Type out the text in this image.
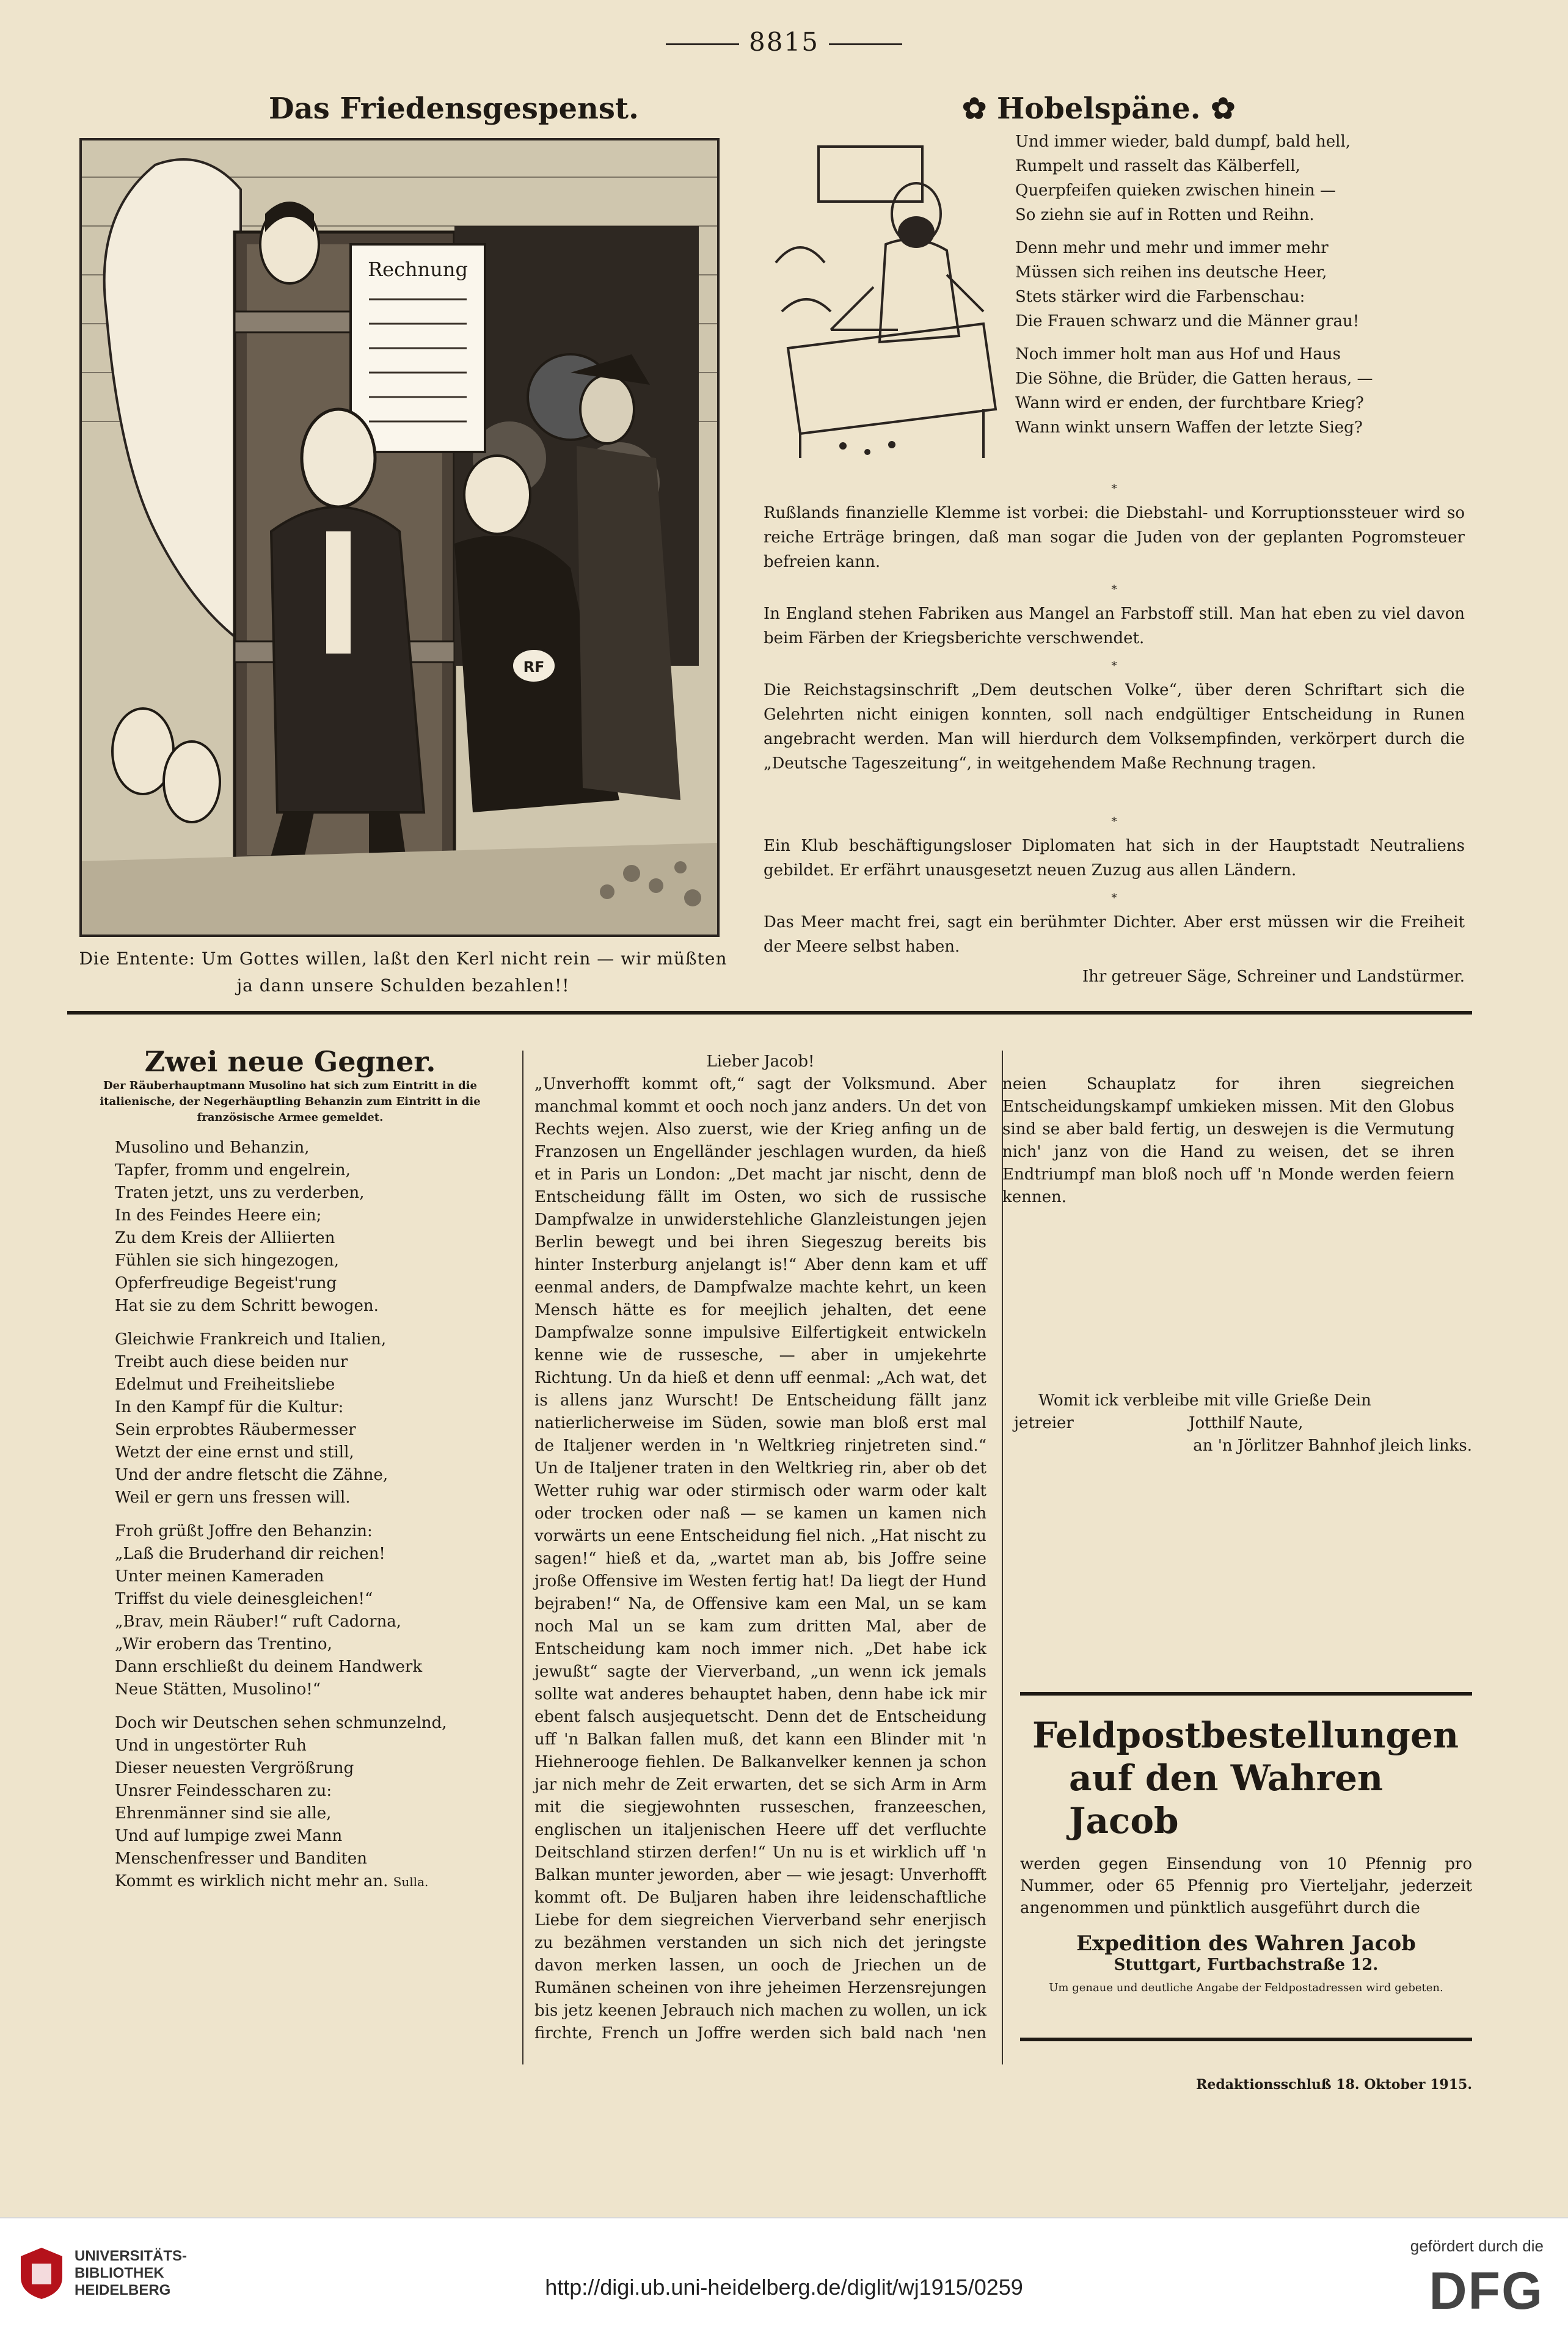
8815
Das Friedensgespenst.
Rechnung
RF
Die Entente: Um Gottes willen, laßt den Kerl nicht rein — wir müßten ja dann unsere Schulden bezahlen!!
✿ Hobelspäne. ✿
Und immer wieder, bald dumpf, bald hell,
Rumpelt und rasselt das Kälberfell,
Querpfeifen quieken zwischen hinein —
So ziehn sie auf in Rotten und Reihn.
Denn mehr und mehr und immer mehr
Müssen sich reihen ins deutsche Heer,
Stets stärker wird die Farbenschau:
Die Frauen schwarz und die Männer grau!
Noch immer holt man aus Hof und Haus
Die Söhne, die Brüder, die Gatten heraus, —
Wann wird er enden, der furchtbare Krieg?
Wann winkt unsern Waffen der letzte Sieg?
*
Rußlands finanzielle Klemme ist vorbei: die Diebstahl- und Korruptionssteuer wird so reiche Erträge bringen, daß man sogar die Juden von der geplanten Pogromsteuer befreien kann.
*
In England stehen Fabriken aus Mangel an Farbstoff still. Man hat eben zu viel davon beim Färben der Kriegsberichte verschwendet.
*
Die Reichstagsinschrift „Dem deutschen Volke“, über deren Schriftart sich die Gelehrten nicht einigen konnten, soll nach endgültiger Entscheidung in Runen angebracht werden. Man will hierdurch dem Volksempfinden, verkörpert durch die „Deutsche Tageszeitung“, in weitgehendem Maße Rechnung tragen.
*
Ein Klub beschäftigungsloser Diplomaten hat sich in der Hauptstadt Neutraliens gebildet. Er erfährt unausgesetzt neuen Zuzug aus allen Ländern.
*
Das Meer macht frei, sagt ein berühmter Dichter. Aber erst müssen wir die Freiheit der Meere selbst haben.
Ihr getreuer Säge, Schreiner und Landstürmer.
Zwei neue Gegner.
Der Räuberhauptmann Musolino hat sich zum Eintritt in die italienische, der Negerhäuptling Behanzin zum Eintritt in die französische Armee gemeldet.
Musolino und Behanzin,
Tapfer, fromm und engelrein,
Traten jetzt, uns zu verderben,
In des Feindes Heere ein;
Zu dem Kreis der Alliierten
Fühlen sie sich hingezogen,
Opferfreudige Begeist'rung
Hat sie zu dem Schritt bewogen.
Gleichwie Frankreich und Italien,
Treibt auch diese beiden nur
Edelmut und Freiheitsliebe
In den Kampf für die Kultur:
Sein erprobtes Räubermesser
Wetzt der eine ernst und still,
Und der andre fletscht die Zähne,
Weil er gern uns fressen will.
Froh grüßt Joffre den Behanzin:
„Laß die Bruderhand dir reichen!
Unter meinen Kameraden
Triffst du viele deinesgleichen!“
„Brav, mein Räuber!“ ruft Cadorna,
„Wir erobern das Trentino,
Dann erschließt du deinem Handwerk
Neue Stätten, Musolino!“
Doch wir Deutschen sehen schmunzelnd,
Und in ungestörter Ruh
Dieser neuesten Vergrößrung
Unsrer Feindesscharen zu:
Ehrenmänner sind sie alle,
Und auf lumpige zwei Mann
Menschenfresser und Banditen
Kommt es wirklich nicht mehr an. Sulla.
Lieber Jacob!
„Unverhofft kommt oft,“ sagt der Volksmund. Aber manchmal kommt et ooch noch janz anders. Un det von Rechts wejen. Also zuerst, wie der Krieg anfing un de Franzosen un Engelländer jeschlagen wurden, da hieß et in Paris un London: „Det macht jar nischt, denn de Entscheidung fällt im Osten, wo sich de russische Dampfwalze in unwiderstehliche Glanzleistungen jejen Berlin bewegt und bei ihren Siegeszug bereits bis hinter Insterburg anjelangt is!“ Aber denn kam et uff eenmal anders, de Dampfwalze machte kehrt, un keen Mensch hätte es for meejlich jehalten, det eene Dampfwalze sonne impulsive Eilfertigkeit entwickeln kenne wie de russesche, — aber in umjekehrte Richtung. Un da hieß et denn uff eenmal: „Ach wat, det is allens janz Wurscht! De Entscheidung fällt janz natierlicherweise im Süden, sowie man bloß erst mal de Italjener werden in 'n Weltkrieg rinjetreten sind.“ Un de Italjener traten in den Weltkrieg rin, aber ob det Wetter ruhig war oder stirmisch oder warm oder kalt oder trocken oder naß — se kamen un kamen nich vorwärts un eene Entscheidung fiel nich. „Hat nischt zu sagen!“ hieß et da, „wartet man ab, bis Joffre seine jroße Offensive im Westen fertig hat! Da liegt der Hund bejraben!“ Na, de Offensive kam een Mal, un se kam noch Mal un se kam zum dritten Mal, aber de Entscheidung kam noch immer nich. „Det habe ick jewußt“ sagte der Vierverband, „un wenn ick jemals sollte wat anderes behauptet haben, denn habe ick mir ebent falsch ausjequetscht. Denn det de Entscheidung uff 'n Balkan fallen muß, det kann een Blinder mit 'n Hiehnerooge fiehlen. De Balkanvelker kennen ja schon jar nich mehr de Zeit erwarten, det se sich Arm in Arm mit die siegjewohnten russeschen, franzeeschen, englischen un italjenischen Heere uff det verfluchte Deitschland stirzen derfen!“ Un nu is et wirklich uff 'n Balkan munter jeworden, aber — wie jesagt: Unverhofft kommt oft. De Buljaren haben ihre leidenschaftliche Liebe for dem siegreichen Vierverband sehr enerjisch zu bezähmen verstanden un sich nich det jeringste davon merken lassen, un ooch de Jriechen un de Rumänen scheinen von ihre jeheimen Herzensrejungen bis jetz keenen Jebrauch nich machen zu wollen, un ick firchte, French un Joffre werden sich bald nach 'nen neien Schauplatz for ihren siegreichen Entscheidungskampf umkieken missen. Mit den Globus sind se aber bald fertig, un deswejen is die Vermutung nich' janz von die Hand zu weisen, det se ihren Endtriumpf man bloß noch uff 'n Monde werden feiern kennen.
Womit ick verbleibe mit ville Grieße Dein
jetreier	Jotthilf Naute,
an 'n Jörlitzer Bahnhof jleich links.
Feldpostbestellungen
auf den Wahren Jacob
werden gegen Einsendung von 10 Pfennig pro Nummer, oder 65 Pfennig pro Vierteljahr, jederzeit angenommen und pünktlich ausgeführt durch die
Expedition des Wahren Jacob
Stuttgart, Furtbachstraße 12.
Um genaue und deutliche Angabe der Feldpostadressen wird gebeten.
Redaktionsschluß 18. Oktober 1915.
UNIVERSITÄTS-
BIBLIOTHEK
HEIDELBERG	http://digi.ub.uni-heidelberg.de/diglit/wj1915/0259
gefördert durch die
DFG
